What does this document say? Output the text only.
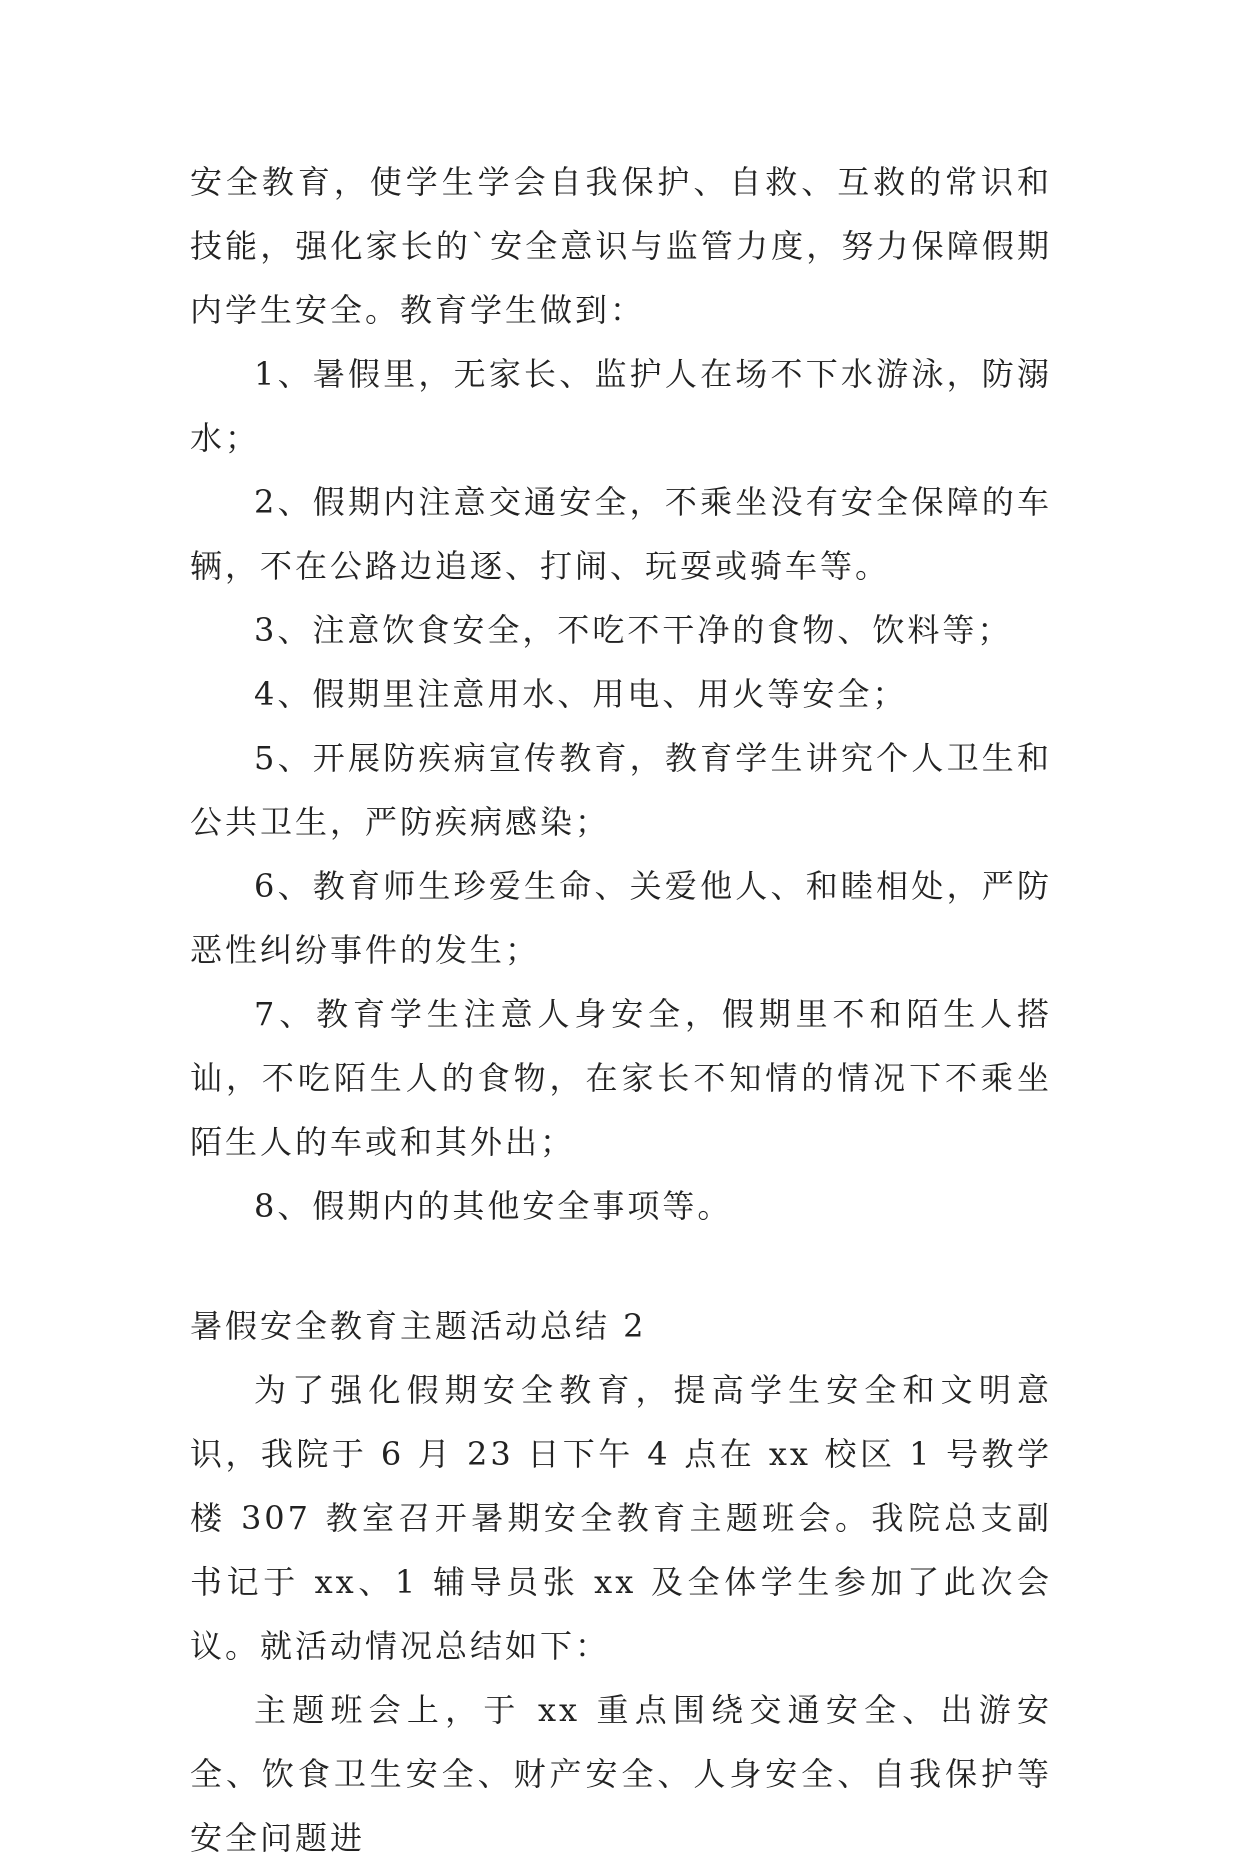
安全教育，使学生学会自我保护、自救、互救的常识和技能，强化家长的`安全意识与监管力度，努力保障假期内学生安全。教育学生做到：

1、暑假里，无家长、监护人在场不下水游泳，防溺水；

2、假期内注意交通安全，不乘坐没有安全保障的车辆，不在公路边追逐、打闹、玩耍或骑车等。

3、注意饮食安全，不吃不干净的食物、饮料等；

4、假期里注意用水、用电、用火等安全；

5、开展防疾病宣传教育，教育学生讲究个人卫生和公共卫生，严防疾病感染；

6、教育师生珍爱生命、关爱他人、和睦相处，严防恶性纠纷事件的发生；

7、教育学生注意人身安全，假期里不和陌生人搭讪，不吃陌生人的食物，在家长不知情的情况下不乘坐陌生人的车或和其外出；

8、假期内的其他安全事项等。

暑假安全教育主题活动总结 2

为了强化假期安全教育，提高学生安全和文明意识，我院于 6 月 23 日下午 4 点在 xx 校区 1 号教学楼 307 教室召开暑期安全教育主题班会。我院总支副书记于 xx、1 辅导员张 xx 及全体学生参加了此次会议。就活动情况总结如下：

主题班会上，于 xx 重点围绕交通安全、出游安全、饮食卫生安全、财产安全、人身安全、自我保护等安全问题进
